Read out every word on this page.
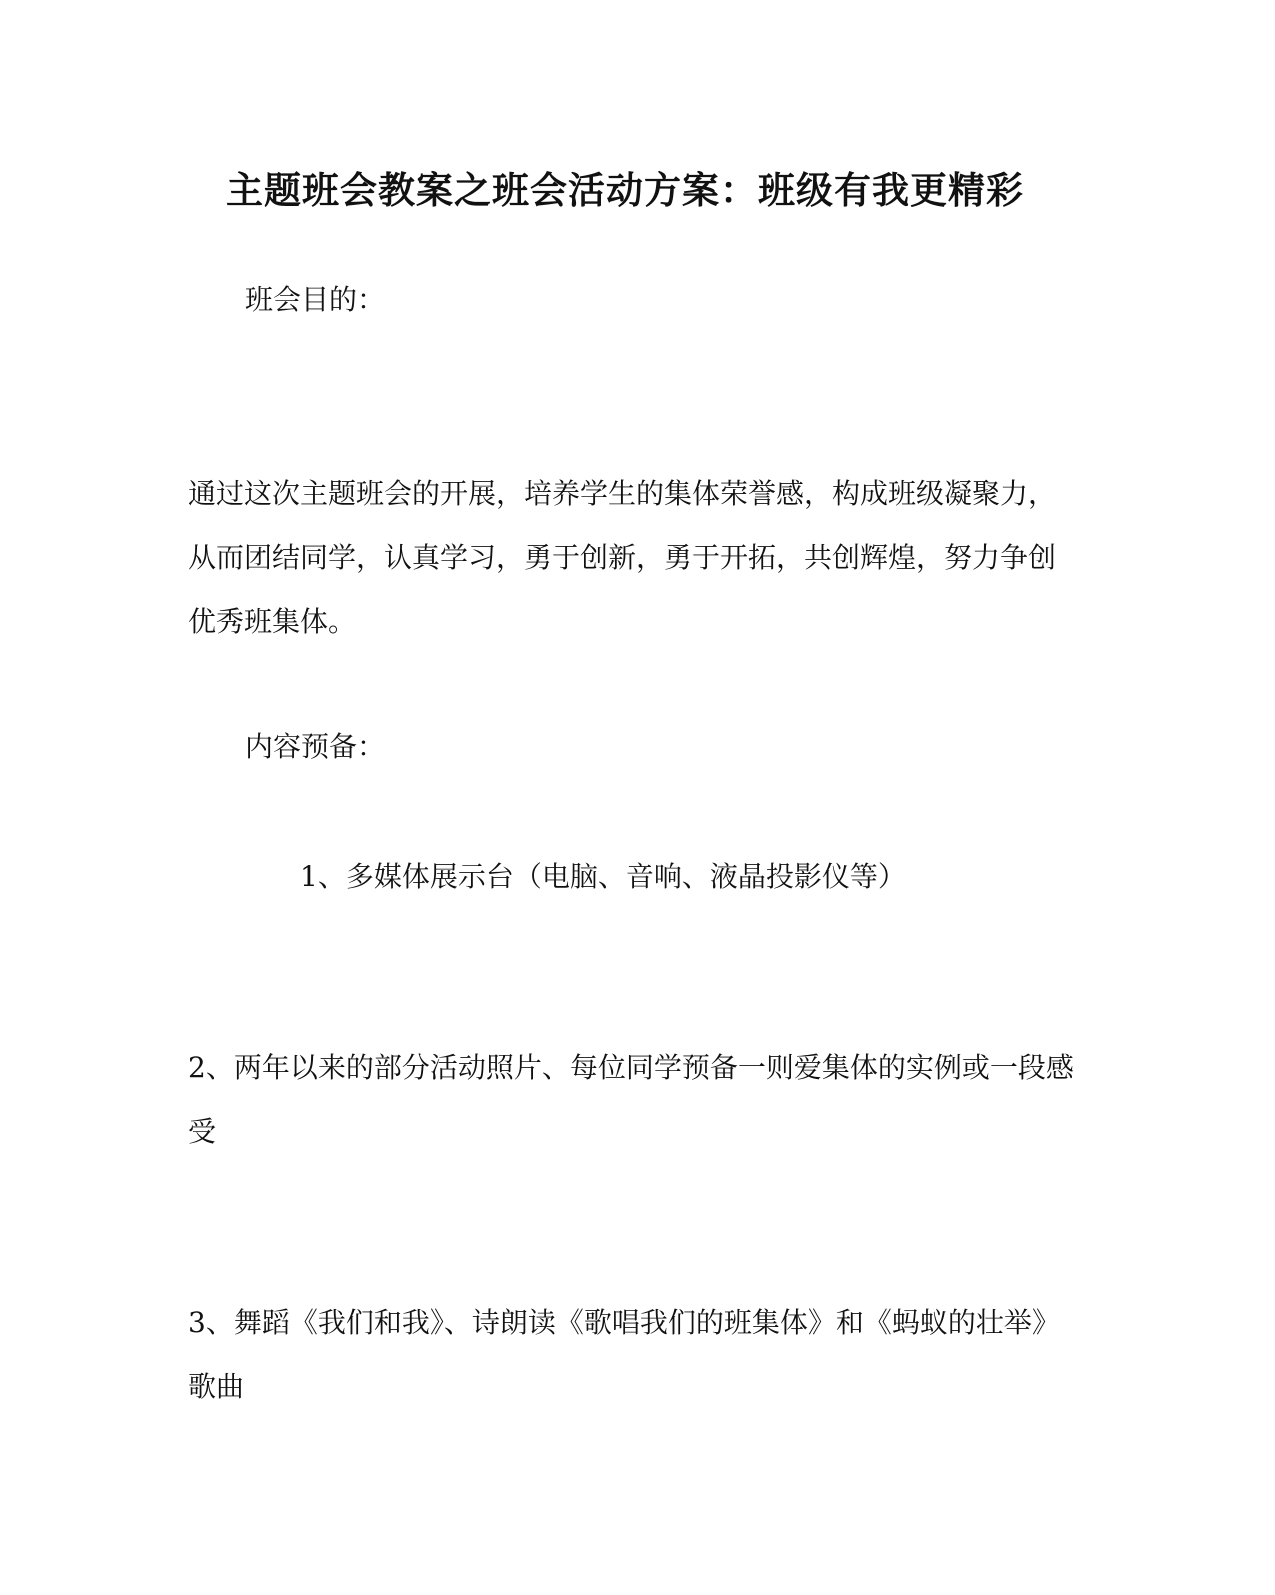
主题班会教案之班会活动方案：班级有我更精彩

班会目的：

通过这次主题班会的开展，培养学生的集体荣誉感，构成班级凝聚力，从而团结同学，认真学习，勇于创新，勇于开拓，共创辉煌，努力争创优秀班集体。

内容预备：

1、多媒体展示台（电脑、音响、液晶投影仪等）

2、两年以来的部分活动照片、每位同学预备一则爱集体的实例或一段感受

3、舞蹈《我们和我》、诗朗读《歌唱我们的班集体》和《蚂蚁的壮举》歌曲
